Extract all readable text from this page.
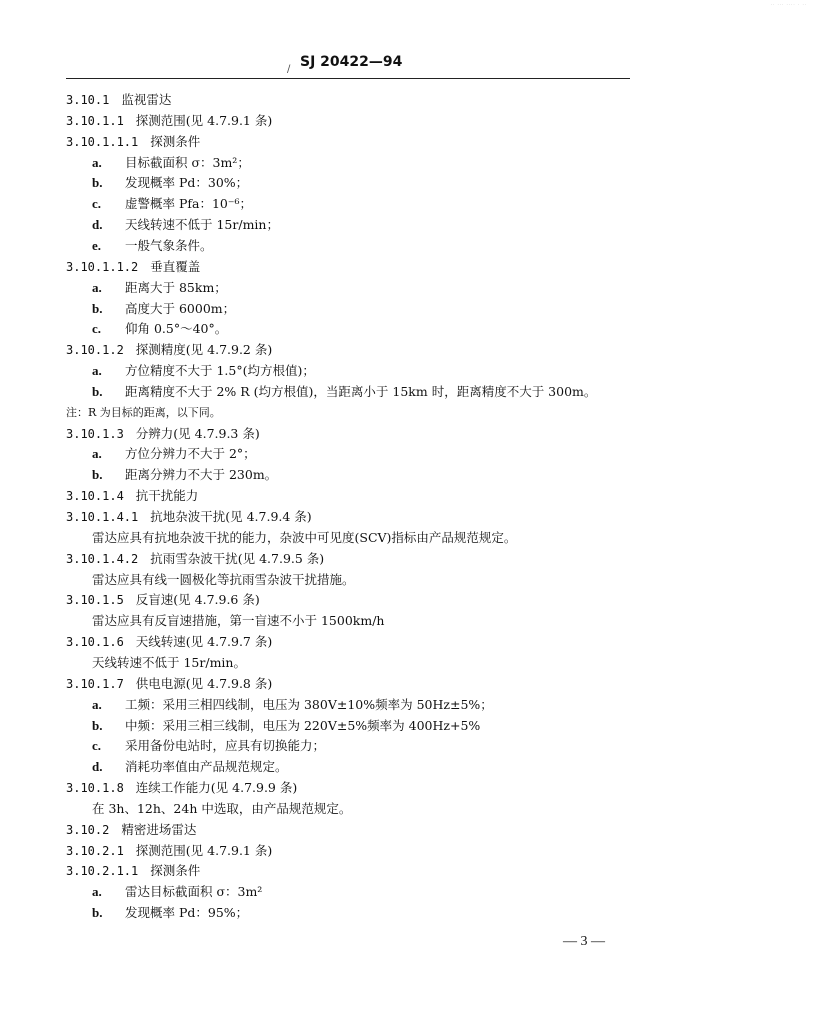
·· ··· ···· · ··
SJ 20422—94
/
3.10.1 监视雷达
3.10.1.1 探测范围(见 4.7.9.1 条)
3.10.1.1.1 探测条件
a. 目标截面积 σ：3m²；
b. 发现概率 Pd：30%；
c. 虚警概率 Pfa：10⁻⁶；
d. 天线转速不低于 15r/min；
e. 一般气象条件。
3.10.1.1.2 垂直覆盖
a. 距离大于 85km；
b. 高度大于 6000m；
c. 仰角 0.5°～40°。
3.10.1.2 探测精度(见 4.7.9.2 条)
a. 方位精度不大于 1.5°(均方根值)；
b. 距离精度不大于 2% R (均方根值)，当距离小于 15km 时，距离精度不大于 300m。
注：R 为目标的距离，以下同。
3.10.1.3 分辨力(见 4.7.9.3 条)
a. 方位分辨力不大于 2°；
b. 距离分辨力不大于 230m。
3.10.1.4 抗干扰能力
3.10.1.4.1 抗地杂波干扰(见 4.7.9.4 条)
雷达应具有抗地杂波干扰的能力，杂波中可见度(SCV)指标由产品规范规定。
3.10.1.4.2 抗雨雪杂波干扰(见 4.7.9.5 条)
雷达应具有线一圆极化等抗雨雪杂波干扰措施。
3.10.1.5 反盲速(见 4.7.9.6 条)
雷达应具有反盲速措施，第一盲速不小于 1500km/h
3.10.1.6 天线转速(见 4.7.9.7 条)
天线转速不低于 15r/min。
3.10.1.7 供电电源(见 4.7.9.8 条)
a. 工频：采用三相四线制，电压为 380V±10%频率为 50Hz±5%；
b. 中频：采用三相三线制，电压为 220V±5%频率为 400Hz+5%
c. 采用备份电站时，应具有切换能力；
d. 消耗功率值由产品规范规定。
3.10.1.8 连续工作能力(见 4.7.9.9 条)
在 3h、12h、24h 中选取，由产品规范规定。
3.10.2 精密进场雷达
3.10.2.1 探测范围(见 4.7.9.1 条)
3.10.2.1.1 探测条件
a. 雷达目标截面积 σ：3m²
b. 发现概率 Pd：95%；
— 3 —
